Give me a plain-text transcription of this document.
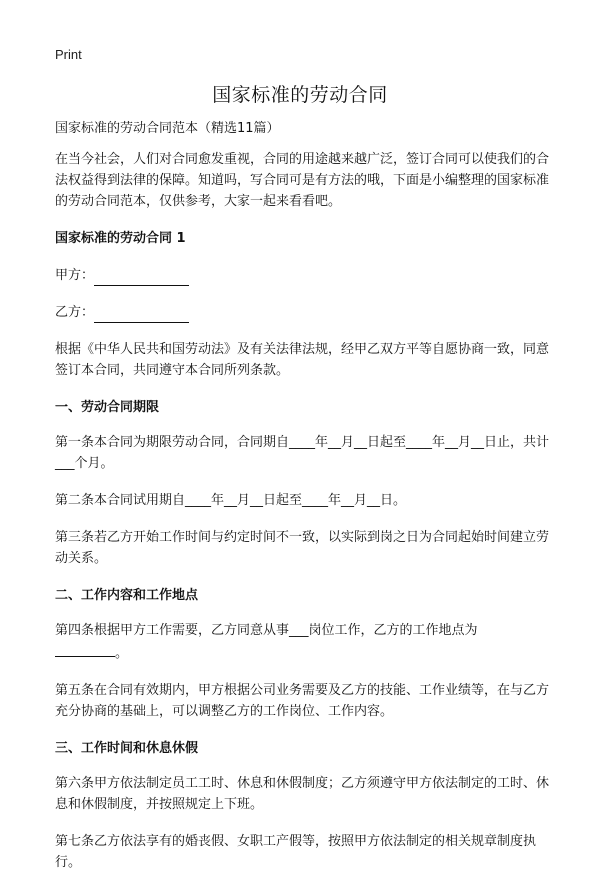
Print
国家标准的劳动合同

国家标准的劳动合同范本（精选11篇）

在当今社会，人们对合同愈发重视，合同的用途越来越广泛，签订合同可以使我们的合法权益得到法律的保障。知道吗，写合同可是有方法的哦，下面是小编整理的国家标准的劳动合同范本，仅供参考，大家一起来看看吧。

国家标准的劳动合同 1
甲方：
乙方：

根据《中华人民共和国劳动法》及有关法律法规，经甲乙双方平等自愿协商一致，同意签订本合同，共同遵守本合同所列条款。

一、劳动合同期限

第一条本合同为期限劳动合同，合同期自____年__月__日起至____年__月__日止，共计___个月。

第二条本合同试用期自____年__月__日起至____年__月__日。

第三条若乙方开始工作时间与约定时间不一致，以实际到岗之日为合同起始时间建立劳动关系。

二、工作内容和工作地点

第四条根据甲方工作需要，乙方同意从事___岗位工作，乙方的工作地点为
。

第五条在合同有效期内，甲方根据公司业务需要及乙方的技能、工作业绩等，在与乙方充分协商的基础上，可以调整乙方的工作岗位、工作内容。

三、工作时间和休息休假

第六条甲方依法制定员工工时、休息和休假制度；乙方须遵守甲方依法制定的工时、休息和休假制度，并按照规定上下班。

第七条乙方依法享有的婚丧假、女职工产假等，按照甲方依法制定的相关规章制度执行。
